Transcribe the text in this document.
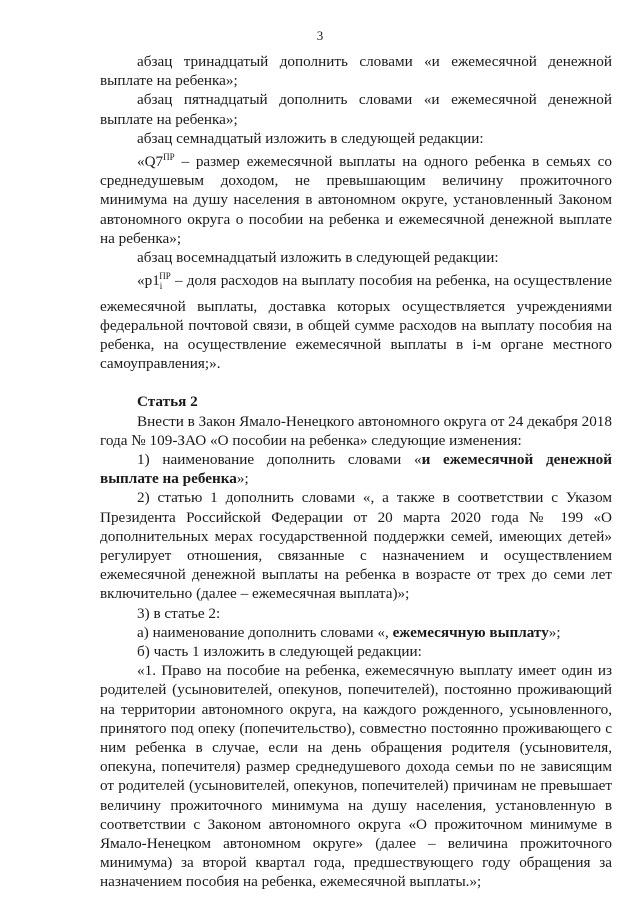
3

абзац тринадцатый дополнить словами «и ежемесячной денежной выплате на ребенка»;

абзац пятнадцатый дополнить словами «и ежемесячной денежной выплате на ребенка»;

абзац семнадцатый изложить в следующей редакции:

«$Q7^{ПР}$ – размер ежемесячной выплаты на одного ребенка в семьях со среднедушевым доходом, не превышающим величину прожиточного минимума на душу населения в автономном округе, установленный Законом автономного округа о пособии на ребенка и ежемесячной денежной выплате на ребенка»;

абзац восемнадцатый изложить в следующей редакции:

«$p1_i^{ПР}$ – доля расходов на выплату пособия на ребенка, на осуществление ежемесячной выплаты, доставка которых осуществляется учреждениями федеральной почтовой связи, в общей сумме расходов на выплату пособия на ребенка, на осуществление ежемесячной выплаты в i-м органе местного самоуправления;».

Статья 2

Внести в Закон Ямало-Ненецкого автономного округа от 24 декабря 2018 года № 109-ЗАО «О пособии на ребенка» следующие изменения:

1) наименование дополнить словами «и ежемесячной денежной выплате на ребенка»;

2) статью 1 дополнить словами «, а также в соответствии с Указом Президента Российской Федерации от 20 марта 2020 года № 199 «О дополнительных мерах государственной поддержки семей, имеющих детей» регулирует отношения, связанные с назначением и осуществлением ежемесячной денежной выплаты на ребенка в возрасте от трех до семи лет включительно (далее – ежемесячная выплата)»;

3) в статье 2:

а) наименование дополнить словами «, ежемесячную выплату»;

б) часть 1 изложить в следующей редакции:

«1. Право на пособие на ребенка, ежемесячную выплату имеет один из родителей (усыновителей, опекунов, попечителей), постоянно проживающий на территории автономного округа, на каждого рожденного, усыновленного, принятого под опеку (попечительство), совместно постоянно проживающего с ним ребенка в случае, если на день обращения родителя (усыновителя, опекуна, попечителя) размер среднедушевого дохода семьи по не зависящим от родителей (усыновителей, опекунов, попечителей) причинам не превышает величину прожиточного минимума на душу населения, установленную в соответствии с Законом автономного округа «О прожиточном минимуме в Ямало-Ненецком автономном округе» (далее – величина прожиточного минимума) за второй квартал года, предшествующего году обращения за назначением пособия на ребенка, ежемесячной выплаты.»;
